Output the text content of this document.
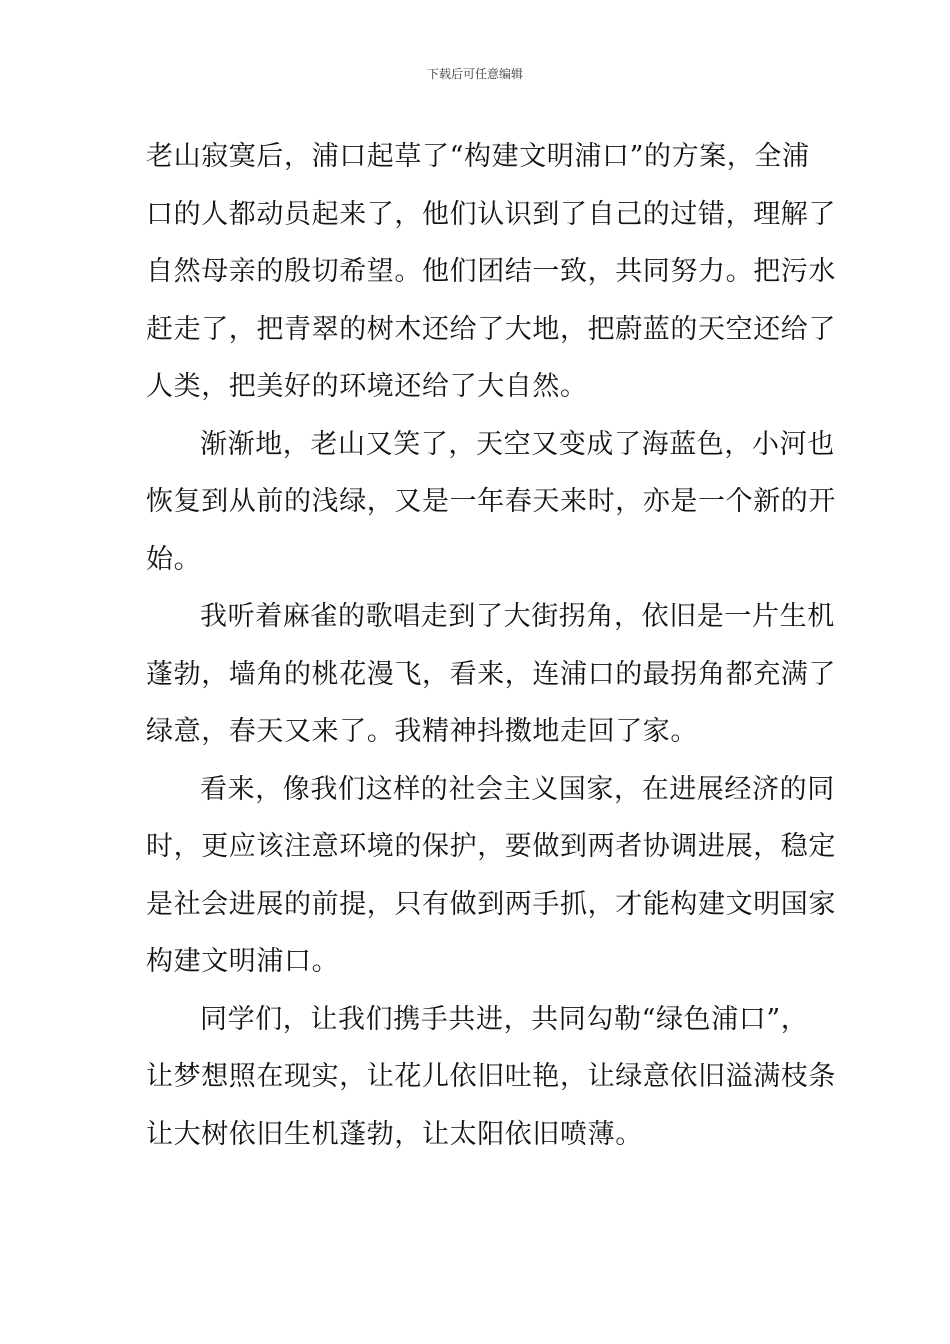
下载后可任意编辑
老山寂寞后，浦口起草了“构建文明浦口”的方案，全浦
口的人都动员起来了，他们认识到了自己的过错，理解了
自然母亲的殷切希望。他们团结一致，共同努力。把污水
赶走了，把青翠的树木还给了大地，把蔚蓝的天空还给了
人类，把美好的环境还给了大自然。
渐渐地，老山又笑了，天空又变成了海蓝色，小河也
恢复到从前的浅绿，又是一年春天来时，亦是一个新的开
始。
我听着麻雀的歌唱走到了大街拐角，依旧是一片生机
蓬勃，墙角的桃花漫飞，看来，连浦口的最拐角都充满了
绿意，春天又来了。我精神抖擞地走回了家。
看来，像我们这样的社会主义国家，在进展经济的同
时，更应该注意环境的保护，要做到两者协调进展，稳定
是社会进展的前提，只有做到两手抓，才能构建文明国家
构建文明浦口。
同学们，让我们携手共进，共同勾勒“绿色浦口”，
让梦想照在现实，让花儿依旧吐艳，让绿意依旧溢满枝条
让大树依旧生机蓬勃，让太阳依旧喷薄。
